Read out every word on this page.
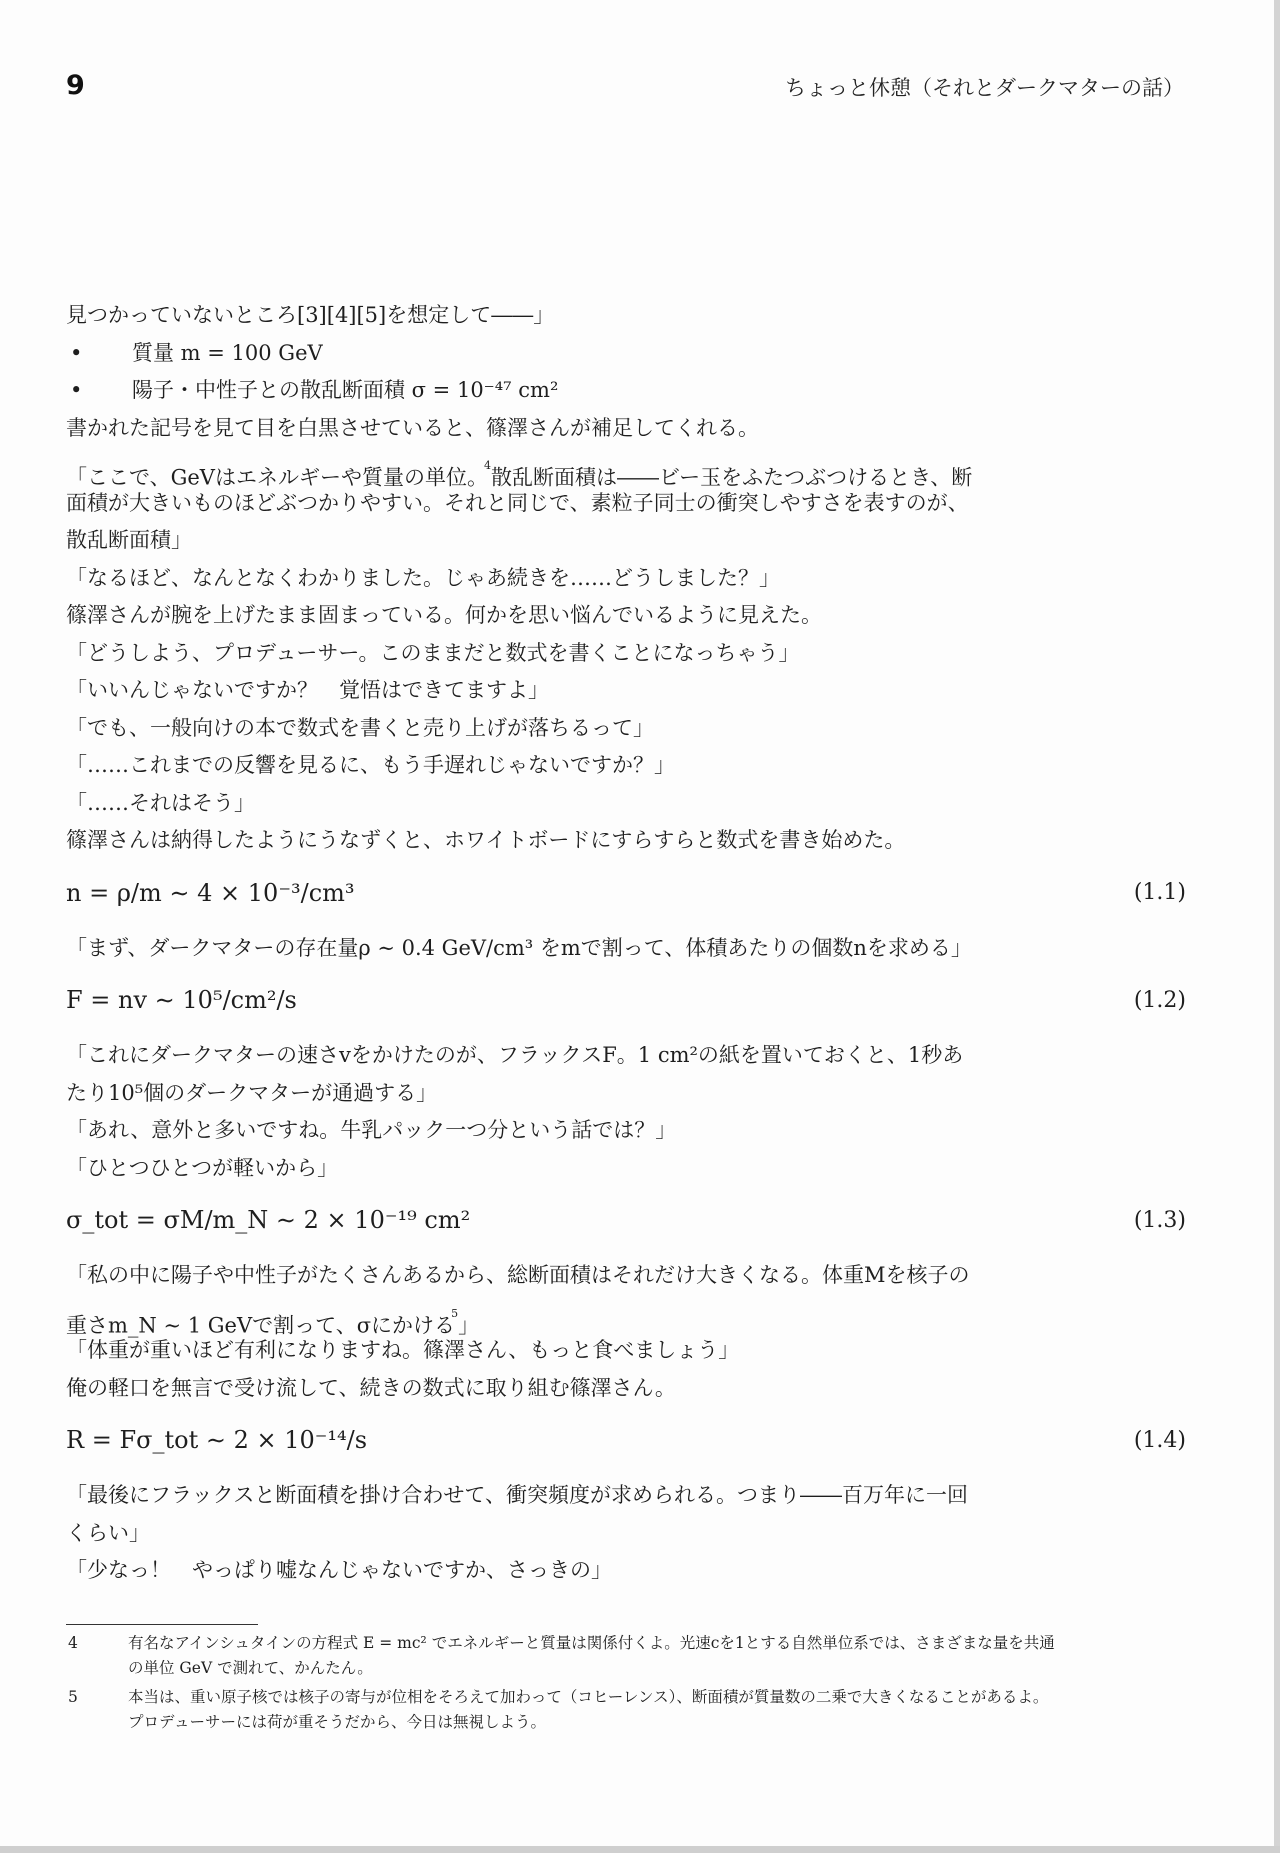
9	ちょっと休憩（それとダークマターの話）

見つかっていないところ[3][4][5]を想定して――」

•	質量 m = 100 GeV
•	陽子・中性子との散乱断面積 σ = 10⁻⁴⁷ cm²

書かれた記号を見て目を白黒させていると、篠澤さんが補足してくれる。

「ここで、GeVはエネルギーや質量の単位。$^4$散乱断面積は――ビー玉をふたつぶつけるとき、断

面積が大きいものほどぶつかりやすい。それと同じで、素粒子同士の衝突しやすさを表すのが、

散乱断面積」

「なるほど、なんとなくわかりました。じゃあ続きを……どうしました？」

篠澤さんが腕を上げたまま固まっている。何かを思い悩んでいるように見えた。

「どうしよう、プロデューサー。このままだと数式を書くことになっちゃう」

「いいんじゃないですか？　覚悟はできてますよ」

「でも、一般向けの本で数式を書くと売り上げが落ちるって」

「……これまでの反響を見るに、もう手遅れじゃないですか？」

「……それはそう」

篠澤さんは納得したようにうなずくと、ホワイトボードにすらすらと数式を書き始めた。

n = ρ/m ∼ 4 × 10⁻³/cm³	(1.1)

「まず、ダークマターの存在量ρ ∼ 0.4 GeV/cm³ をmで割って、体積あたりの個数nを求める」

F = nv ∼ 10⁵/cm²/s	(1.2)

「これにダークマターの速さvをかけたのが、フラックスF。1 cm²の紙を置いておくと、1秒あ

たり10⁵個のダークマターが通過する」

「あれ、意外と多いですね。牛乳パック一つ分という話では？」

「ひとつひとつが軽いから」

σ_tot = σM/m_N ∼ 2 × 10⁻¹⁹ cm²	(1.3)

「私の中に陽子や中性子がたくさんあるから、総断面積はそれだけ大きくなる。体重Mを核子の

重さm_N ∼ 1 GeVで割って、σにかける$^5$」

「体重が重いほど有利になりますね。篠澤さん、もっと食べましょう」

俺の軽口を無言で受け流して、続きの数式に取り組む篠澤さん。

R = Fσ_tot ∼ 2 × 10⁻¹⁴/s	(1.4)

「最後にフラックスと断面積を掛け合わせて、衝突頻度が求められる。つまり――百万年に一回

くらい」

「少なっ！　やっぱり嘘なんじゃないですか、さっきの」

4	有名なアインシュタインの方程式 E = mc² でエネルギーと質量は関係付くよ。光速cを1とする自然単位系では、さまざまな量を共通の単位 GeV で測れて、かんたん。
5	本当は、重い原子核では核子の寄与が位相をそろえて加わって（コヒーレンス）、断面積が質量数の二乗で大きくなることがあるよ。プロデューサーには荷が重そうだから、今日は無視しよう。
